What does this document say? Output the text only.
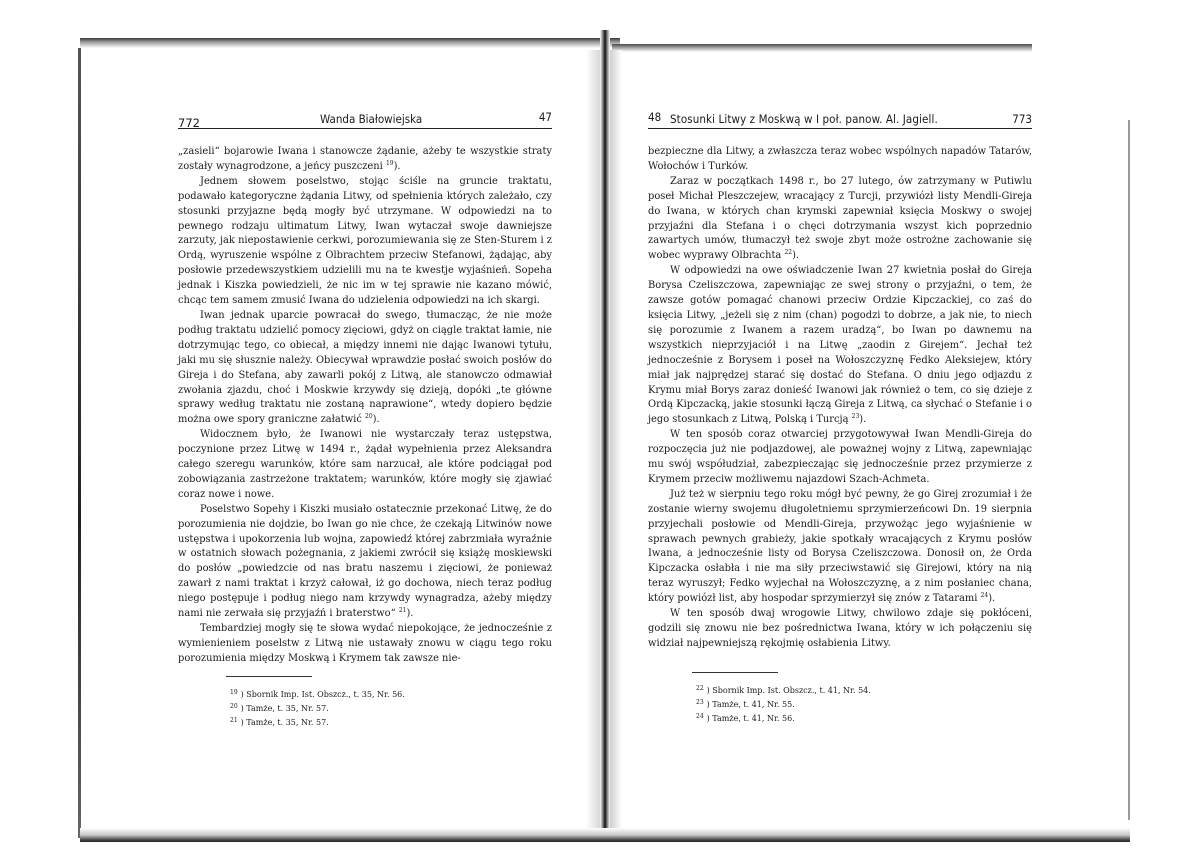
772	Wanda Białowiejska	47

„zasieli“ bojarowie Iwana i stanowcze żądanie, ażeby te wszystkie straty zostały wynagrodzone, a jeńcy puszczeni $^{19}$).

Jednem słowem poselstwo, stojąc ściśle na gruncie traktatu, podawało kategoryczne żądania Litwy, od spełnienia których zależało, czy stosunki przyjazne będą mogły być utrzymane. W odpowiedzi na to pewnego rodzaju ultimatum Litwy, Iwan wytaczał swoje dawniejsze zarzuty, jak niepostawienie cerkwi, porozumiewania się ze Sten-Sturem i z Ordą, wyruszenie wspólne z Olbrachtem przeciw Stefanowi, żądając, aby posłowie przedewszystkiem udzielili mu na te kwestje wyjaśnień. Sopeha jednak i Kiszka powiedzieli, że nic im w tej sprawie nie kazano mówić, chcąc tem samem zmusić Iwana do udzielenia odpowiedzi na ich skargi.

Iwan jednak uparcie powracał do swego, tłumacząc, że nie może podług traktatu udzielić pomocy zięciowi, gdyż on ciągle traktat łamie, nie dotrzymując tego, co obiecał, a między innemi nie dając Iwanowi tytułu, jaki mu się słusznie należy. Obiecywał wprawdzie posłać swoich posłów do Gireja i do Stefana, aby zawarli pokój z Litwą, ale stanowczo odmawiał zwołania zjazdu, choć i Moskwie krzywdy się dzieją, dopóki „te główne sprawy według traktatu nie zostaną naprawione“, wtedy dopiero będzie można owe spory graniczne załatwić $^{20}$).

Widocznem było, że Iwanowi nie wystarczały teraz ustępstwa, poczynione przez Litwę w 1494 r., żądał wypełnienia przez Aleksandra całego szeregu warunków, które sam narzucał, ale które podciągał pod zobowiązania zastrzeżone traktatem; warunków, które mogły się zjawiać coraz nowe i nowe.

Poselstwo Sopehy i Kiszki musiało ostatecznie przekonać Litwę, że do porozumienia nie dojdzie, bo Iwan go nie chce, że czekają Litwinów nowe ustępstwa i upokorzenia lub wojna, zapowiedź której zabrzmiała wyraźnie w ostatnich słowach pożegnania, z jakiemi zwrócił się książę moskiewski do posłów „powiedzcie od nas bratu naszemu i zięciowi, że ponieważ zawarł z nami traktat i krzyż całował, iż go dochowa, niech teraz podług niego postępuje i podług niego nam krzywdy wynagradza, ażeby między nami nie zerwała się przyjaźń i braterstwo“ $^{21}$).

Tembardziej mogły się te słowa wydać niepokojące, że jednocześnie z wymienieniem poselstw z Litwą nie ustawały znowu w ciągu tego roku porozumienia między Moskwą i Krymem tak zawsze nie-

$^{19}$ ) Sbornik Imp. Ist. Obszcz., t. 35, Nr. 56.
$^{20}$ ) Tamże, t. 35, Nr. 57.
$^{21}$ ) Tamże, t. 35, Nr. 57.
48 Stosunki Litwy z Moskwą w I poł. panow. Al. Jagiell.	773

bezpieczne dla Litwy, a zwłaszcza teraz wobec wspólnych napadów Tatarów, Wołochów i Turków.

Zaraz w początkach 1498 r., bo 27 lutego, ów zatrzymany w Putiwlu poseł Michał Pleszczejew, wracający z Turcji, przywiózł listy Mendli-Gireja do Iwana, w których chan krymski zapewniał księcia Moskwy o swojej przyjaźni dla Stefana i o chęci dotrzymania wszyst kich poprzednio zawartych umów, tłumaczył też swoje zbyt może ostrożne zachowanie się wobec wyprawy Olbrachta $^{22}$).

W odpowiedzi na owe oświadczenie Iwan 27 kwietnia posłał do Gireja Borysa Czeliszczowa, zapewniając ze swej strony o przyjaźni, o tem, że zawsze gotów pomagać chanowi przeciw Ordzie Kipczackiej, co zaś do księcia Litwy, „jeżeli się z nim (chan) pogodzi to dobrze, a jak nie, to niech się porozumie z Iwanem a razem uradzą“, bo Iwan po dawnemu na wszystkich nieprzyjaciół i na Litwę „zaodin z Girejem“. Jechał też jednocześnie z Borysem i poseł na Wołoszczyznę Fedko Aleksiejew, który miał jak najprędzej starać się dostać do Stefana. O dniu jego odjazdu z Krymu miał Borys zaraz donieść Iwanowi jak również o tem, co się dzieje z Ordą Kipczacką, jakie stosunki łączą Gireja z Litwą, ca słychać o Stefanie i o jego stosunkach z Litwą, Polską i Turcją $^{23}$).

W ten sposób coraz otwarciej przygotowywał Iwan Mendli-Gireja do rozpoczęcia już nie podjazdowej, ale poważnej wojny z Litwą, zapewniając mu swój współudział, zabezpieczając się jednocześnie przez przymierze z Krymem przeciw możliwemu najazdowi Szach-Achmeta.

Już też w sierpniu tego roku mógł być pewny, że go Girej zrozumiał i że zostanie wierny swojemu długoletniemu sprzymierzeńcowi Dn. 19 sierpnia przyjechali posłowie od Mendli-Gireja, przywożąc jego wyjaśnienie w sprawach pewnych grabieży, jakie spotkały wracających z Krymu posłów Iwana, a jednocześnie listy od Borysa Czeliszczowa. Donosił on, że Orda Kipczacka osłabła i nie ma siły przeciwstawić się Girejowi, który na nią teraz wyruszył; Fedko wyjechał na Wołoszczyznę, a z nim posłaniec chana, który powiózł list, aby hospodar sprzymierzył się znów z Tatarami $^{24}$).

W ten sposób dwaj wrogowie Litwy, chwilowo zdaje się pokłóceni, godzili się znowu nie bez pośrednictwa Iwana, który w ich połączeniu się widział najpewniejszą rękojmię osłabienia Litwy.

$^{22}$ ) Sbornik Imp. Ist. Obszcz., t. 41, Nr. 54.
$^{23}$ ) Tamże, t. 41, Nr. 55.
$^{24}$ ) Tamże, t. 41, Nr. 56.
